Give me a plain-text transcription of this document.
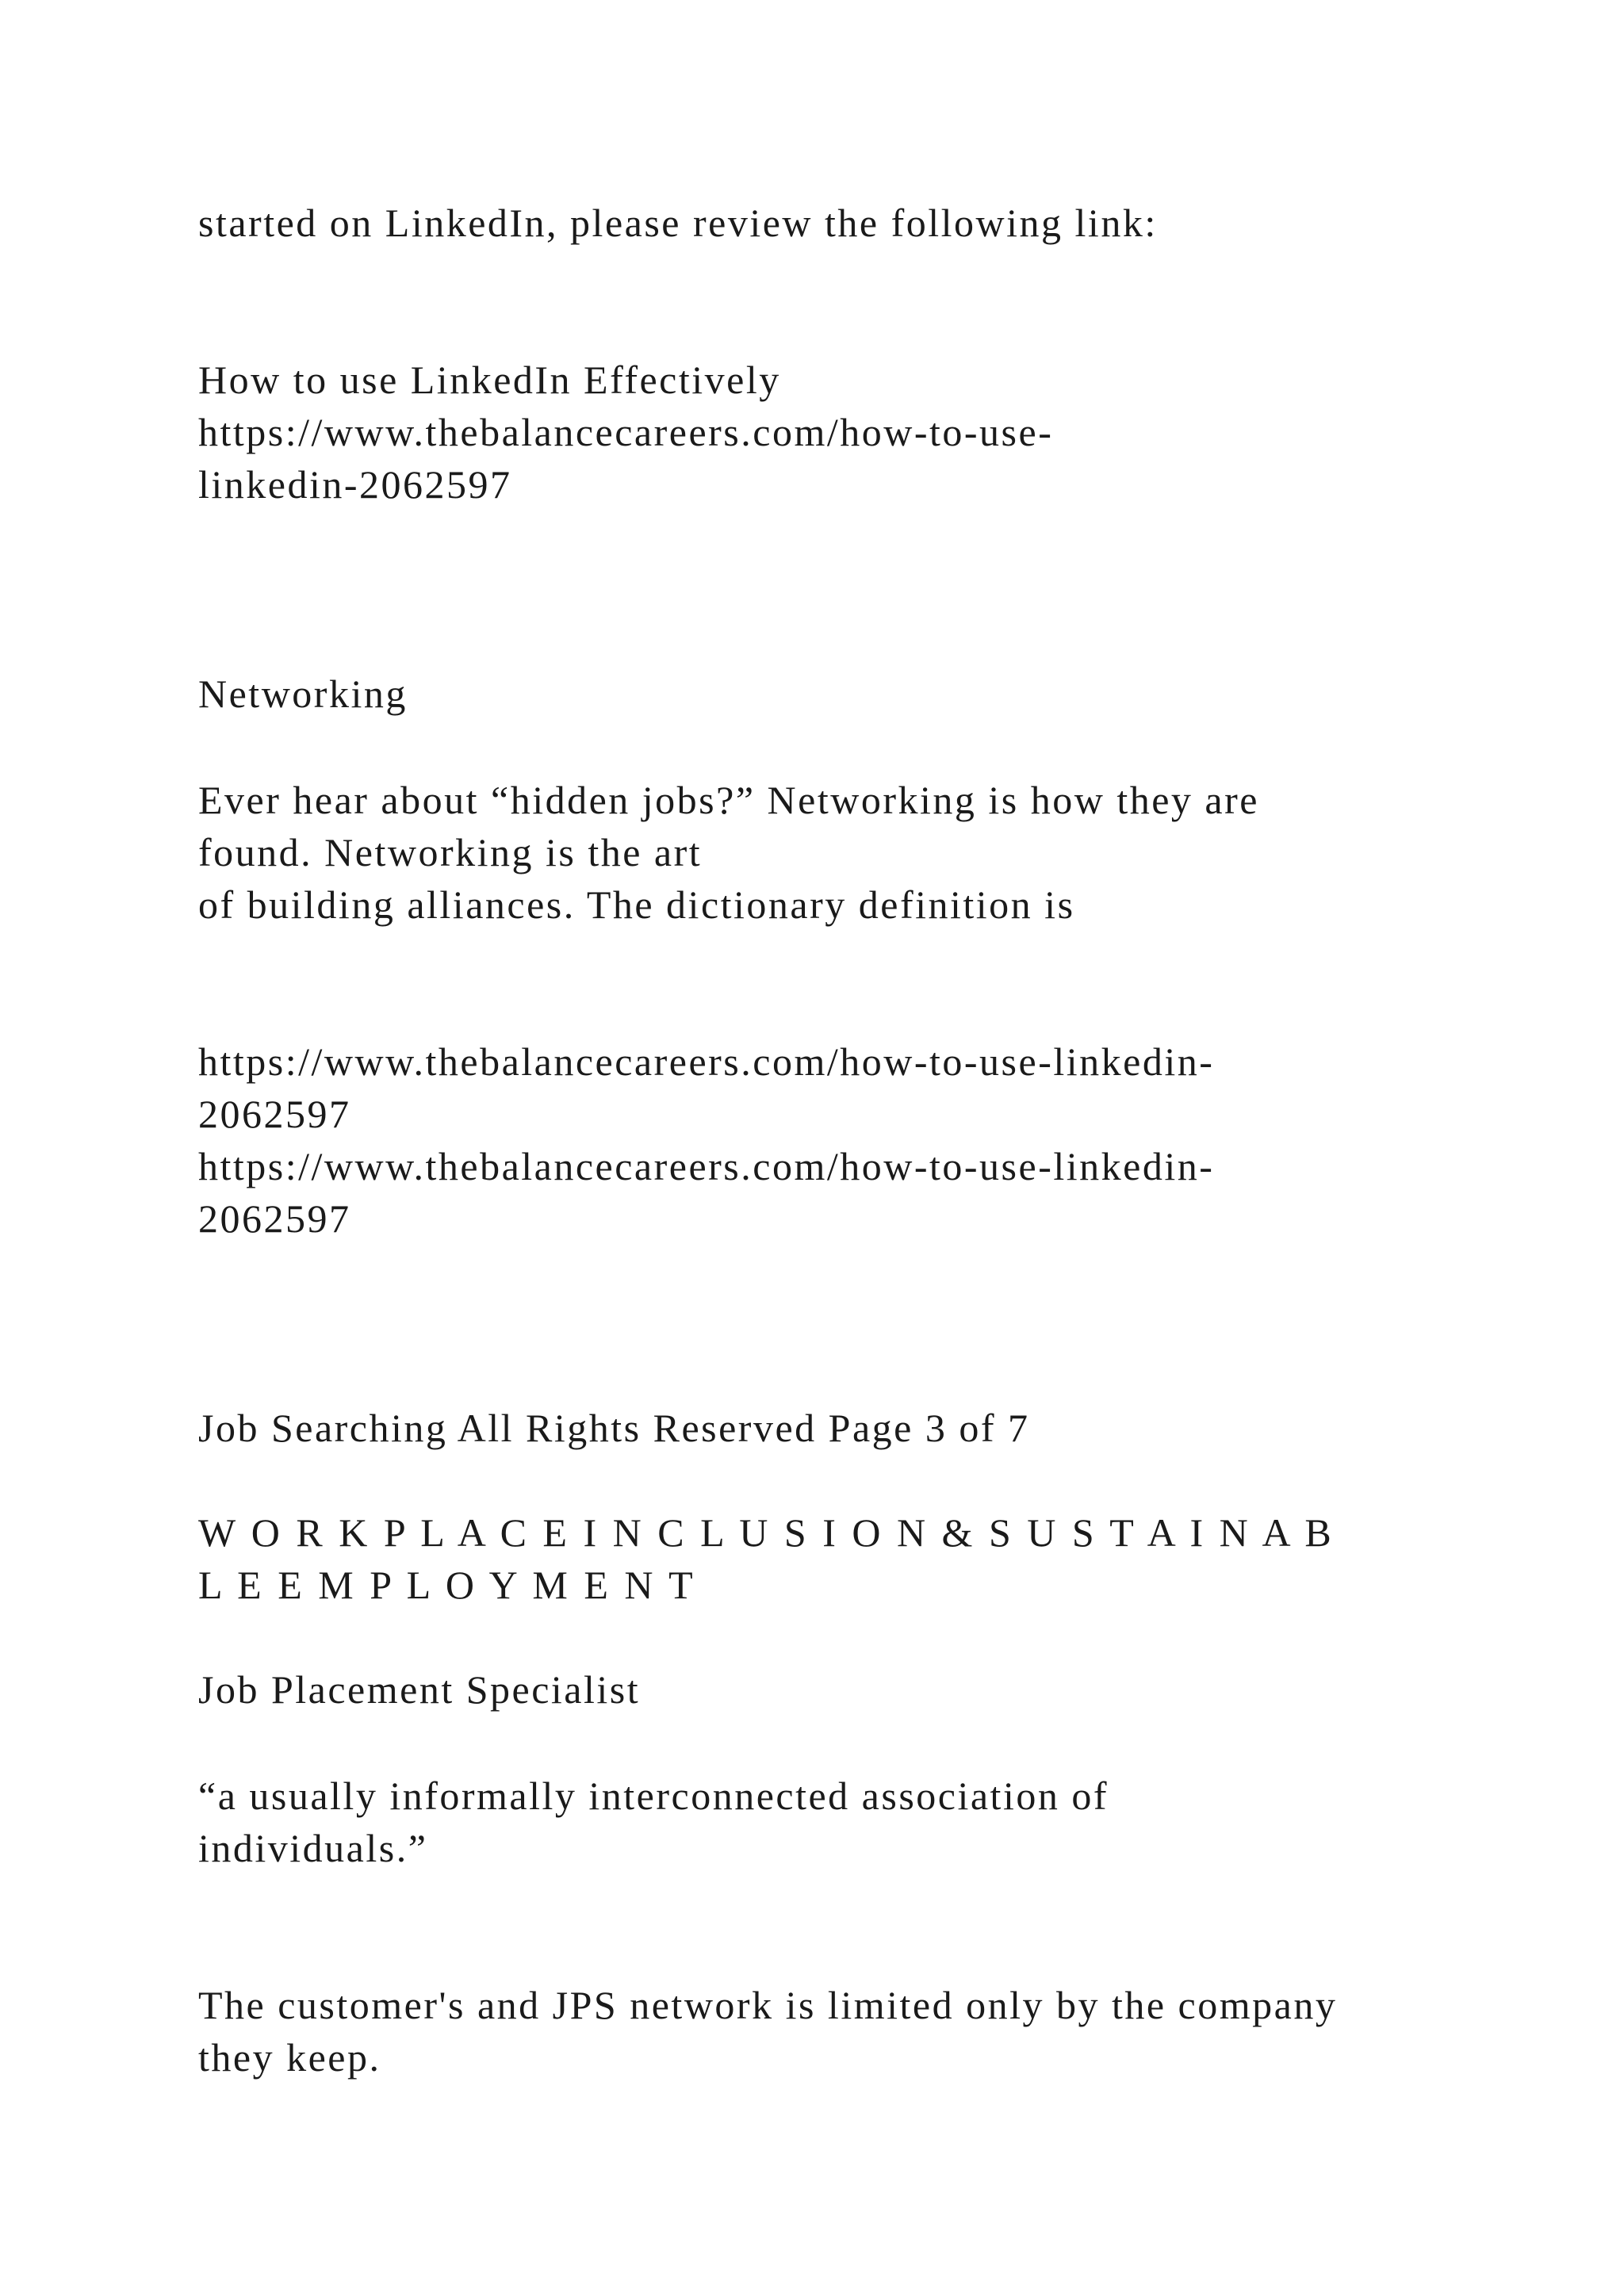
started on LinkedIn, please review the following link:

How to use LinkedIn Effectively

https://www.thebalancecareers.com/how-to-use-

linkedin-2062597

Networking

Ever hear about “hidden jobs?” Networking is how they are

found. Networking is the art

of building alliances. The dictionary definition is

https://www.thebalancecareers.com/how-to-use-linkedin-

2062597

https://www.thebalancecareers.com/how-to-use-linkedin-

2062597

Job Searching All Rights Reserved Page 3 of 7

W O R K P L A C E I N C L U S I O N & S U S T A I N A B

L E E M P L O Y M E N T

Job Placement Specialist

“a usually informally interconnected association of

individuals.”

The customer's and JPS network is limited only by the company

they keep.
